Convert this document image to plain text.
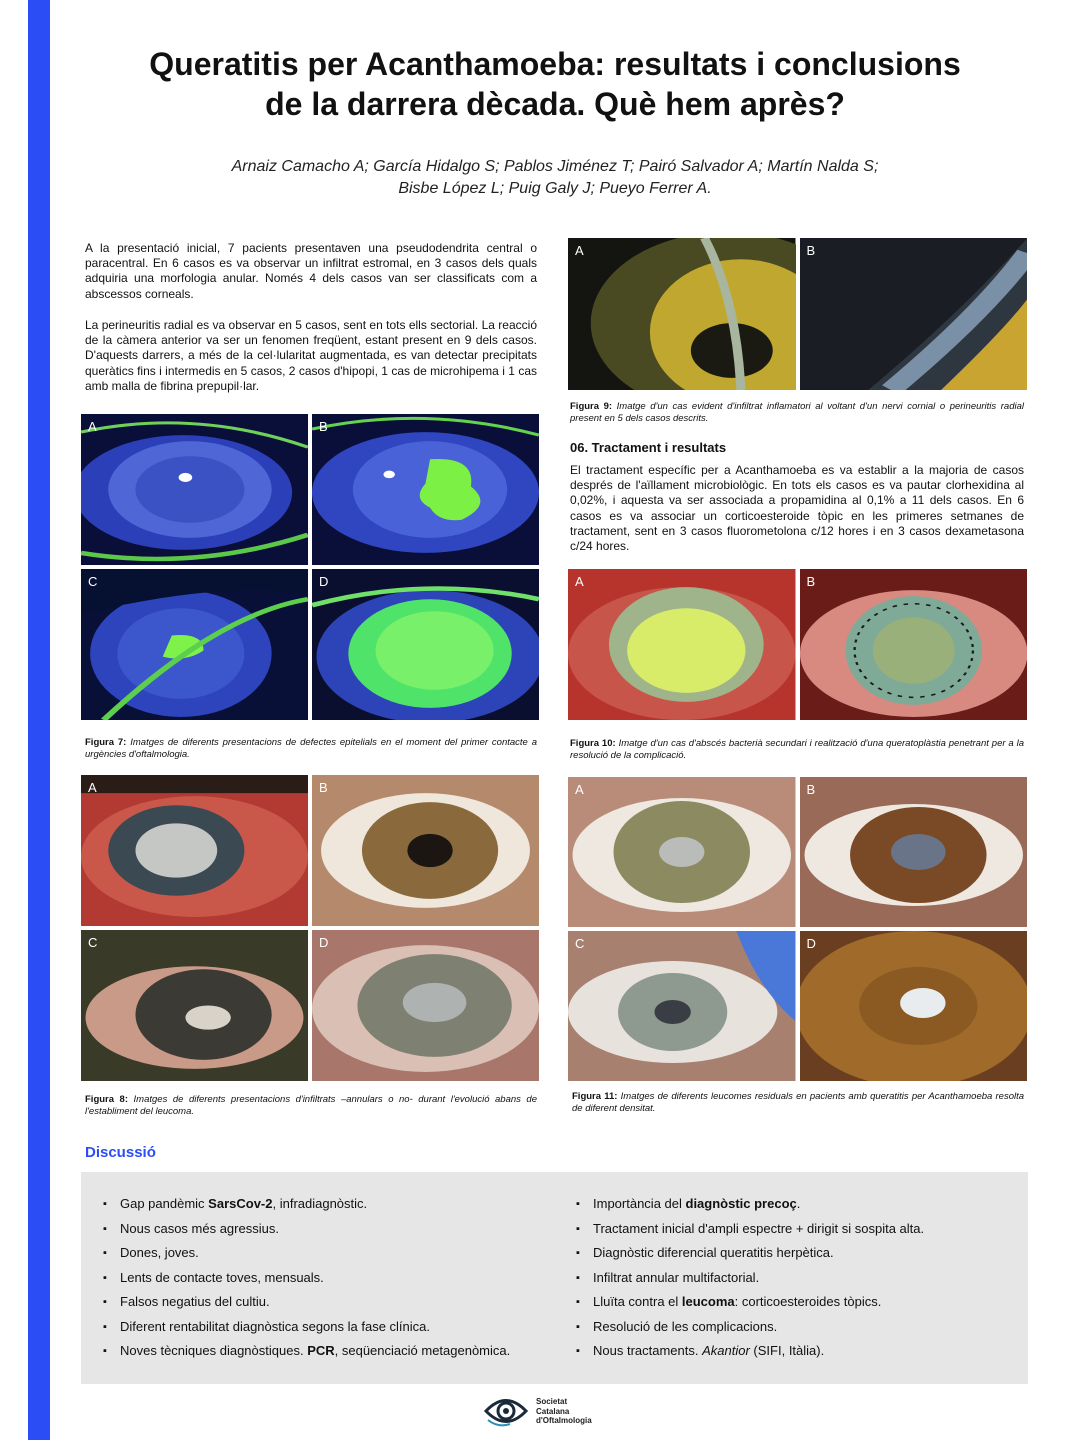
Queratitis per Acanthamoeba: resultats i conclusions
de la darrera dècada. Què hem après?
Arnaiz Camacho A; García Hidalgo S; Pablos Jiménez T; Pairó Salvador A; Martín Nalda S;
Bisbe López L; Puig Galy J; Pueyo Ferrer A.

A la presentació inicial, 7 pacients presentaven una pseudodendrita central o paracentral. En 6 casos es va observar un infiltrat estromal, en 3 casos dels quals adquiria una morfologia anular. Només 4 dels casos van ser classificats com a abscessos corneals.

La perineuritis radial es va observar en 5 casos, sent en tots ells sectorial. La reacció de la càmera anterior va ser un fenomen freqüent, estant present en 9 dels casos. D'aquests darrers, a més de la cel·lularitat augmentada, es van detectar precipitats queràtics fins i intermedis en 5 casos, 2 casos d'hipopi, 1 cas de microhipema i 1 cas amb malla de fibrina prepupil·lar.

A	B
C	D

Figura 7: Imatges de diferents presentacions de defectes epitelials en el moment del primer contacte a urgències d'oftalmologia.

A	B
C	D

Figura 8: Imatges de diferents presentacions d'infiltrats –annulars o no- durant l'evolució abans de l'establiment del leucoma.

A	B

Figura 9: Imatge d'un cas evident d'infiltrat inflamatori al voltant d'un nervi cornial o perineuritis radial present en 5 dels casos descrits.

06. Tractament i resultats

El tractament específic per a Acanthamoeba es va establir a la majoria de casos després de l'aïllament microbiològic. En tots els casos es va pautar clorhexidina al 0,02%, i aquesta va ser associada a propamidina al 0,1% a 11 dels casos. En 6 casos es va associar un corticoesteroide tòpic en les primeres setmanes de tractament, sent en 3 casos fluorometolona c/12 hores i en 3 casos dexametasona c/24 hores.

A	B

Figura 10: Imatge d'un cas d'abscés bacterià secundari i realització d'una queratoplàstia penetrant per a la resolució de la complicació.

A	B
C	D

Figura 11: Imatges de diferents leucomes residuals en pacients amb queratitis per Acanthamoeba resolta de diferent densitat.

Discussió
▪ Gap pandèmic SarsCov-2, infradiagnòstic.
▪ Nous casos més agressius.
▪ Dones, joves.
▪ Lents de contacte toves, mensuals.
▪ Falsos negatius del cultiu.
▪ Diferent rentabilitat diagnòstica segons la fase clínica.
▪ Noves tècniques diagnòstiques. PCR, seqüenciació metagenòmica.
▪ Importància del diagnòstic precoç.
▪ Tractament inicial d'ampli espectre + dirigit si sospita alta.
▪ Diagnòstic diferencial queratitis herpètica.
▪ Infiltrat annular multifactorial.
▪ Lluïta contra el leucoma: corticoesteroides tòpics.
▪ Resolució de les complicacions.
▪ Nous tractaments. Akantior (SIFI, Itàlia).
Societat
Catalana
d'Oftalmologia
